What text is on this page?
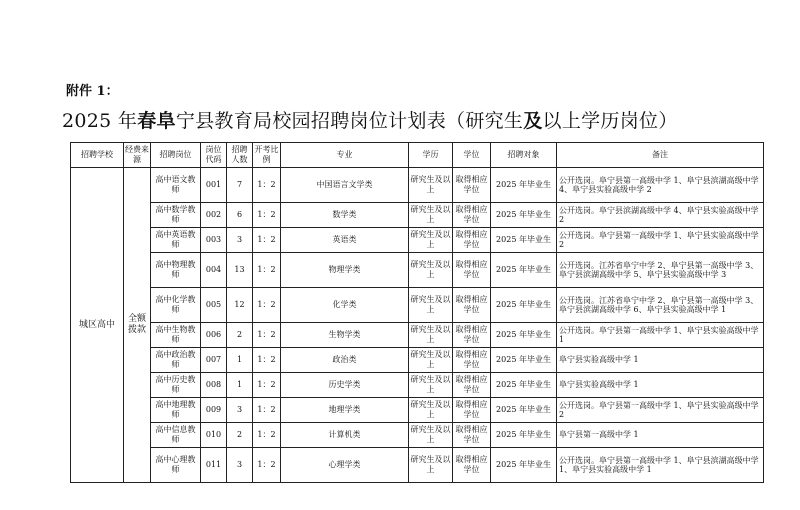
附件 1：
2025 年春阜宁县教育局校园招聘岗位计划表（研究生及以上学历岗位）
招聘学校	经费来源	招聘岗位	岗位代码	招聘人数	开考比例	专业	学历	学位	招聘对象	备注
城区高中	全额拨款	高中语文教师	001	7	1：2	中国语言文学类	研究生及以上	取得相应学位	2025 年毕业生	公开选岗。阜宁县第一高级中学 1、阜宁县滨湖高级中学 4、阜宁县实验高级中学 2
		高中数学教师	002	6	1：2	数学类	研究生及以上	取得相应学位	2025 年毕业生	公开选岗。阜宁县滨湖高级中学 4、阜宁县实验高级中学 2
		高中英语教师	003	3	1：2	英语类	研究生及以上	取得相应学位	2025 年毕业生	公开选岗。阜宁县第一高级中学 1、阜宁县实验高级中学 2
		高中物理教师	004	13	1：2	物理学类	研究生及以上	取得相应学位	2025 年毕业生	公开选岗。江苏省阜宁中学 2、阜宁县第一高级中学 3、阜宁县滨湖高级中学 5、阜宁县实验高级中学 3
		高中化学教师	005	12	1：2	化学类	研究生及以上	取得相应学位	2025 年毕业生	公开选岗。江苏省阜宁中学 2、阜宁县第一高级中学 3、阜宁县滨湖高级中学 6、阜宁县实验高级中学 1
		高中生物教师	006	2	1：2	生物学类	研究生及以上	取得相应学位	2025 年毕业生	公开选岗。阜宁县第一高级中学 1、阜宁县实验高级中学 1
		高中政治教师	007	1	1：2	政治类	研究生及以上	取得相应学位	2025 年毕业生	阜宁县实验高级中学 1
		高中历史教师	008	1	1：2	历史学类	研究生及以上	取得相应学位	2025 年毕业生	阜宁县实验高级中学 1
		高中地理教师	009	3	1：2	地理学类	研究生及以上	取得相应学位	2025 年毕业生	公开选岗。阜宁县第一高级中学 1、阜宁县实验高级中学 2
		高中信息教师	010	2	1：2	计算机类	研究生及以上	取得相应学位	2025 年毕业生	阜宁县第一高级中学 1
		高中心理教师	011	3	1：2	心理学类	研究生及以上	取得相应学位	2025 年毕业生	公开选岗。阜宁县第一高级中学 1、阜宁县滨湖高级中学 1、阜宁县实验高级中学 1
